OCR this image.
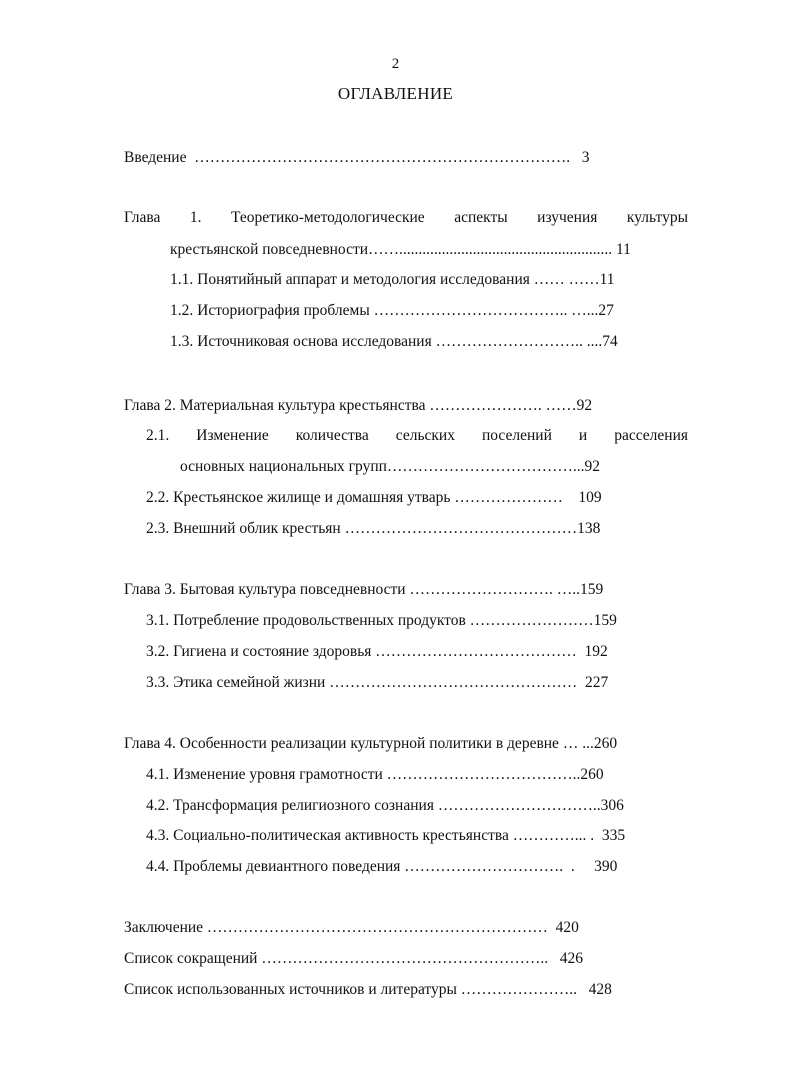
2
ОГЛАВЛЕНИЕ
Введение  ……………………………………………………………….   3
Глава 1. Теоретико-методологические аспекты изучения культуры
крестьянской повседневности……....................................................... 11
1.1. Понятийный аппарат и методология исследования …… ……11
1.2. Историография проблемы ……………………………….. …...27
1.3. Источниковая основа исследования ……………………….. ....74
Глава 2. Материальная культура крестьянства …………………. ……92
2.1. Изменение количества сельских поселений и расселения
основных национальных групп………………………………...92
2.2. Крестьянское жилище и домашняя утварь …………………    109
2.3. Внешний облик крестьян ………………………………………138
Глава 3. Бытовая культура повседневности ………………………. …..159
3.1. Потребление продовольственных продуктов ……………………159
3.2. Гигиена и состояние здоровья …………………………………  192
3.3. Этика семейной жизни …………………………………………  227
Глава 4. Особенности реализации культурной политики в деревне … ...260
4.1. Изменение уровня грамотности ………………………………..260
4.2. Трансформация религиозного сознания …………………………..306
4.3. Социально-политическая активность крестьянства …………... .  335
4.4. Проблемы девиантного поведения ………………………….  .     390
Заключение …………………………………………………………  420
Список сокращений ………………………………………………..   426
Список использованных источников и литературы …………………..   428
